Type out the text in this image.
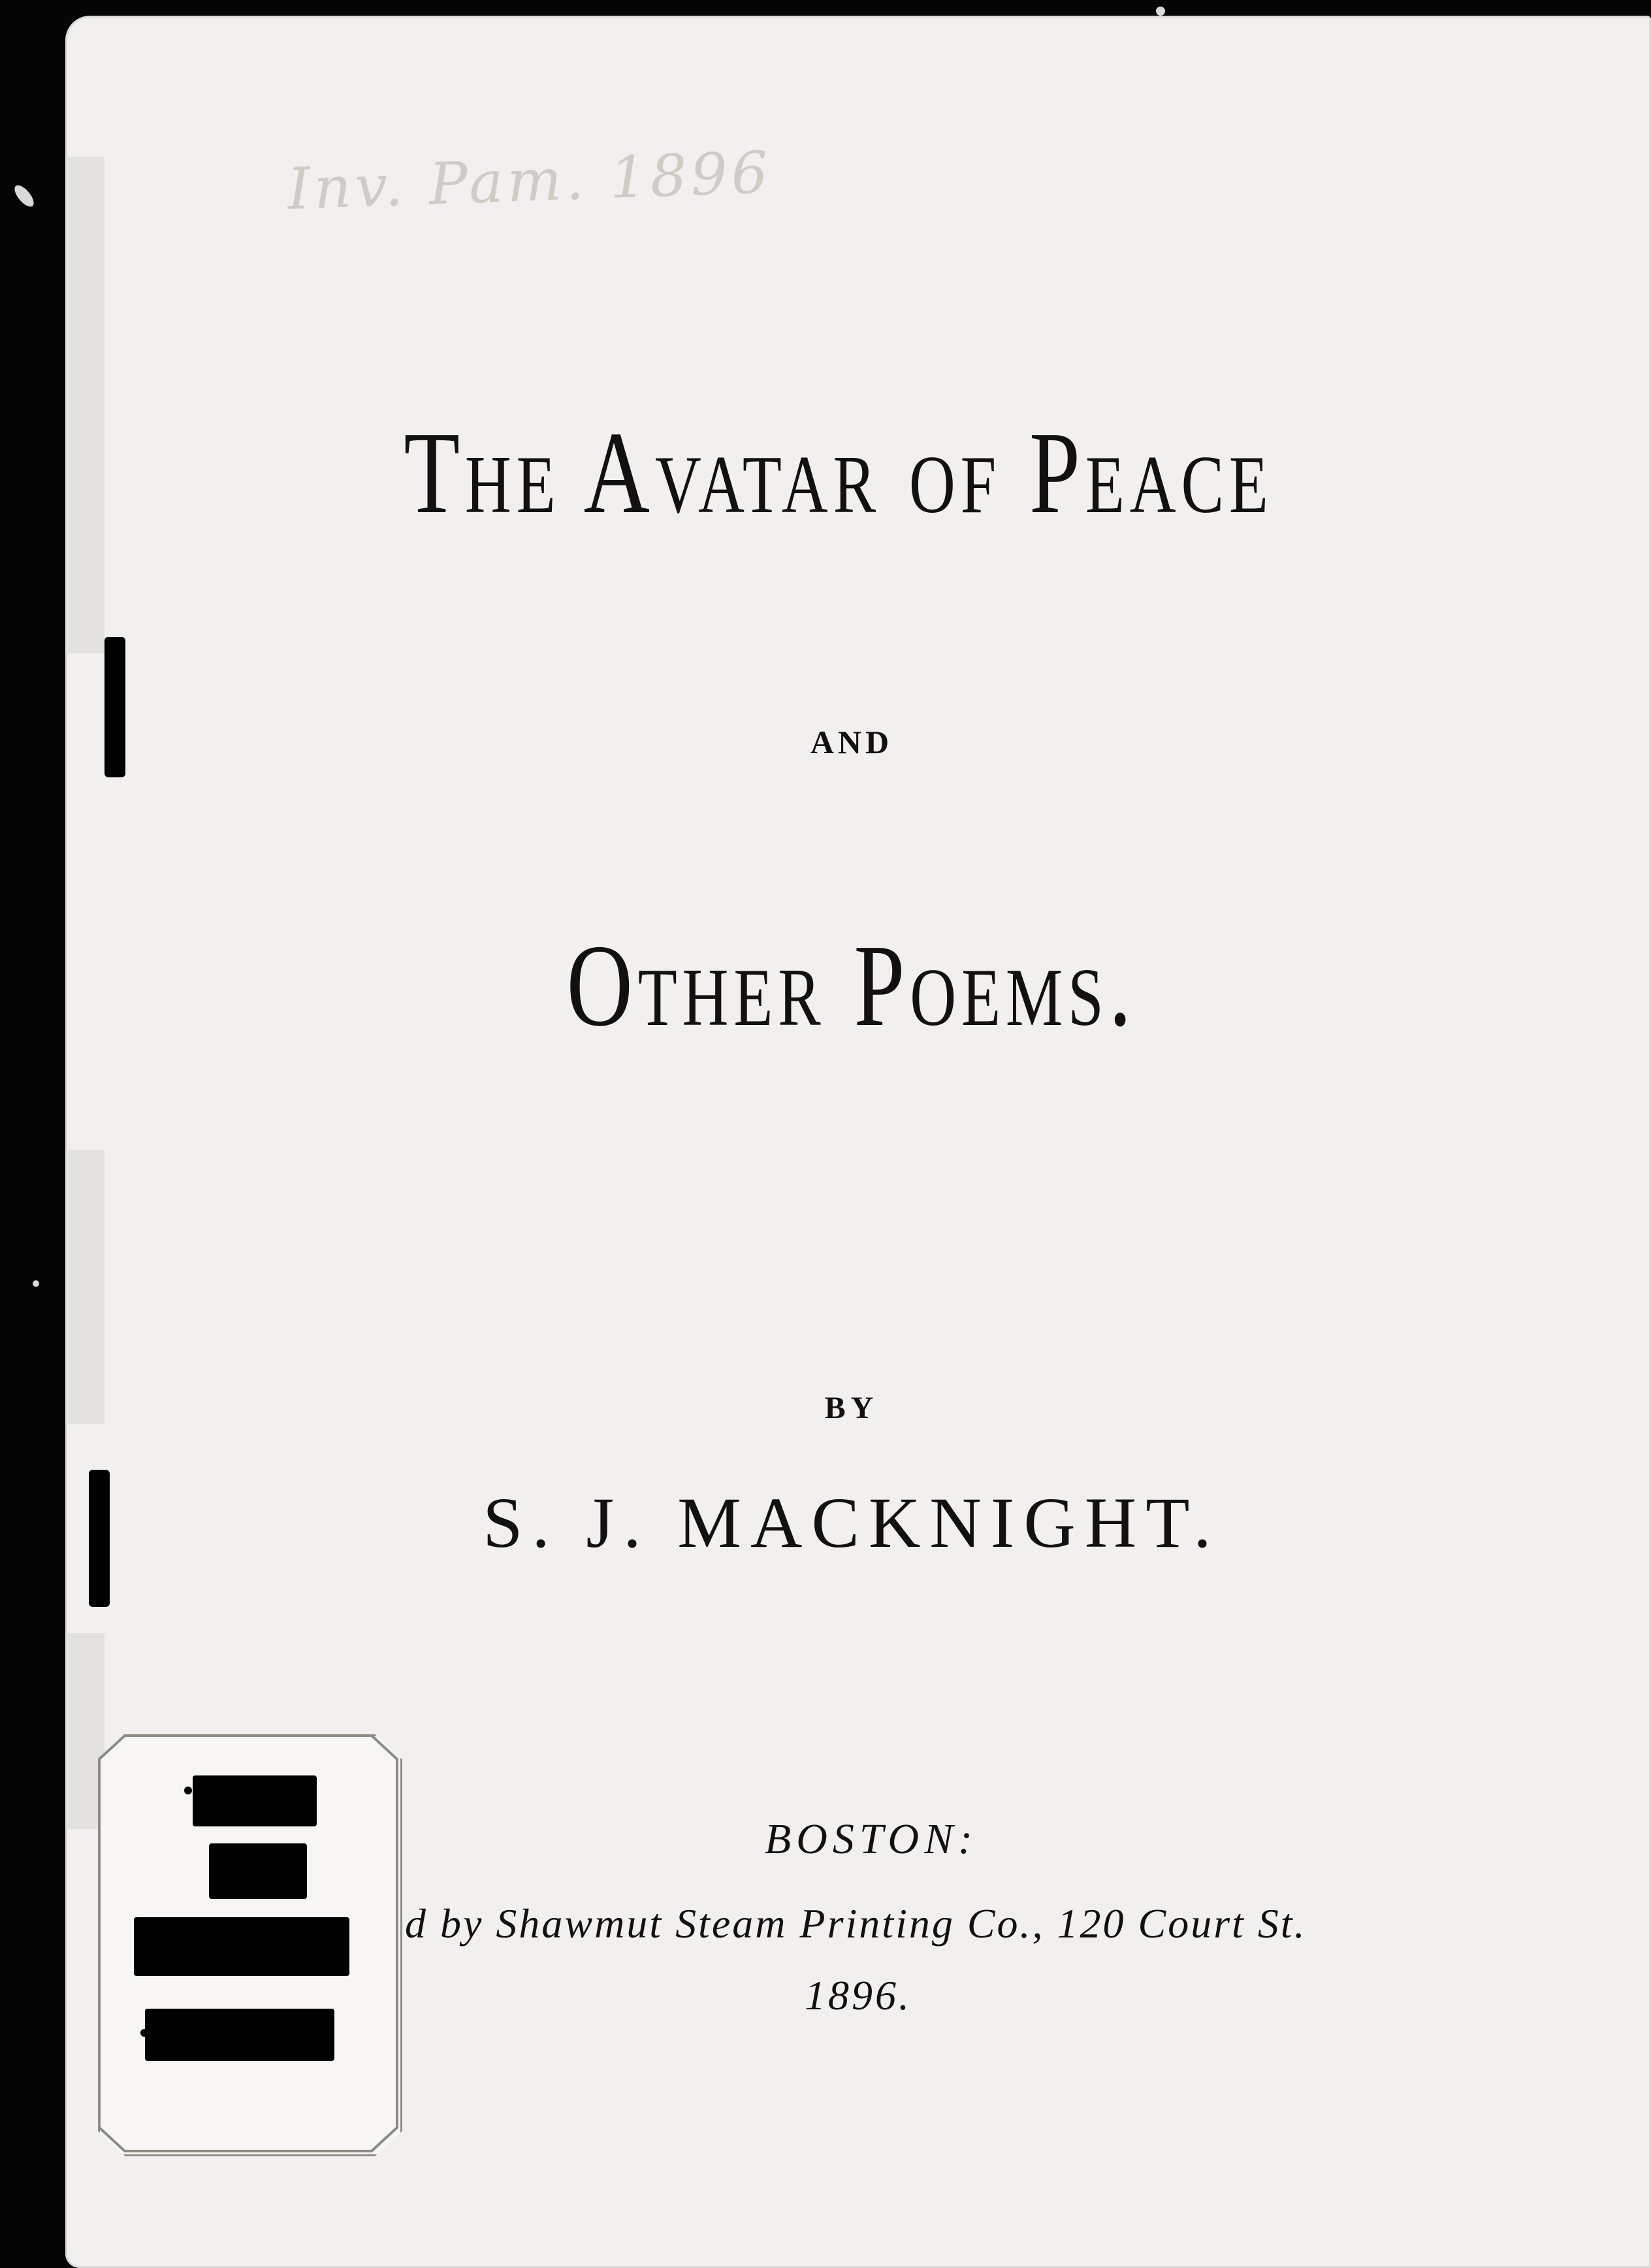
Inv. Pam. 1896
The Avatar of Peace
and
Other Poems.
BY
S. J. MACKNIGHT.
BOSTON:
d by Shawmut Steam Printing Co., 120 Court St.
1896.
